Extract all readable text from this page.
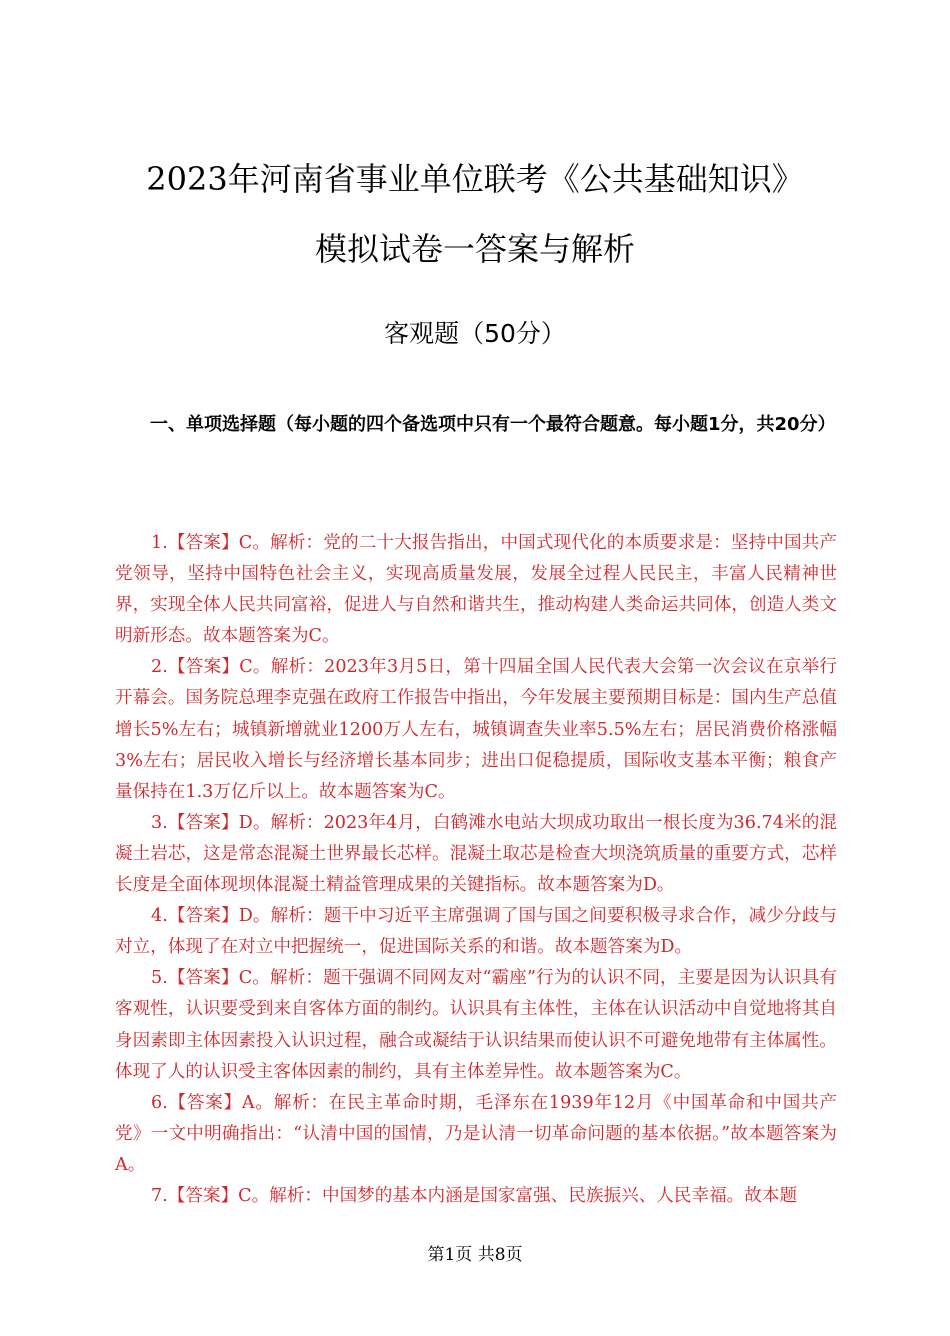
2023年河南省事业单位联考《公共基础知识》
模拟试卷一答案与解析
客观题（50分）
一、单项选择题（每小题的四个备选项中只有一个最符合题意。每小题1分，共20分）

1.【答案】C。解析：党的二十大报告指出，中国式现代化的本质要求是：坚持中国共产党领导，坚持中国特色社会主义，实现高质量发展，发展全过程人民民主，丰富人民精神世界，实现全体人民共同富裕，促进人与自然和谐共生，推动构建人类命运共同体，创造人类文明新形态。故本题答案为C。

2.【答案】C。解析：2023年3月5日，第十四届全国人民代表大会第一次会议在京举行开幕会。国务院总理李克强在政府工作报告中指出，今年发展主要预期目标是：国内生产总值增长5%左右；城镇新增就业1200万人左右，城镇调查失业率5.5%左右；居民消费价格涨幅3%左右；居民收入增长与经济增长基本同步；进出口促稳提质，国际收支基本平衡；粮食产量保持在1.3万亿斤以上。故本题答案为C。

3.【答案】D。解析：2023年4月，白鹤滩水电站大坝成功取出一根长度为36.74米的混凝土岩芯，这是常态混凝土世界最长芯样。混凝土取芯是检查大坝浇筑质量的重要方式，芯样长度是全面体现坝体混凝土精益管理成果的关键指标。故本题答案为D。

4.【答案】D。解析：题干中习近平主席强调了国与国之间要积极寻求合作，减少分歧与对立，体现了在对立中把握统一，促进国际关系的和谐。故本题答案为D。

5.【答案】C。解析：题干强调不同网友对“霸座”行为的认识不同，主要是因为认识具有客观性，认识要受到来自客体方面的制约。认识具有主体性，主体在认识活动中自觉地将其自身因素即主体因素投入认识过程，融合或凝结于认识结果而使认识不可避免地带有主体属性。体现了人的认识受主客体因素的制约，具有主体差异性。故本题答案为C。

6.【答案】A。解析：在民主革命时期，毛泽东在1939年12月《中国革命和中国共产党》一文中明确指出：“认清中国的国情，乃是认清一切革命问题的基本依据。”故本题答案为A。

7.【答案】C。解析：中国梦的基本内涵是国家富强、民族振兴、人民幸福。故本题

第1页 共8页
